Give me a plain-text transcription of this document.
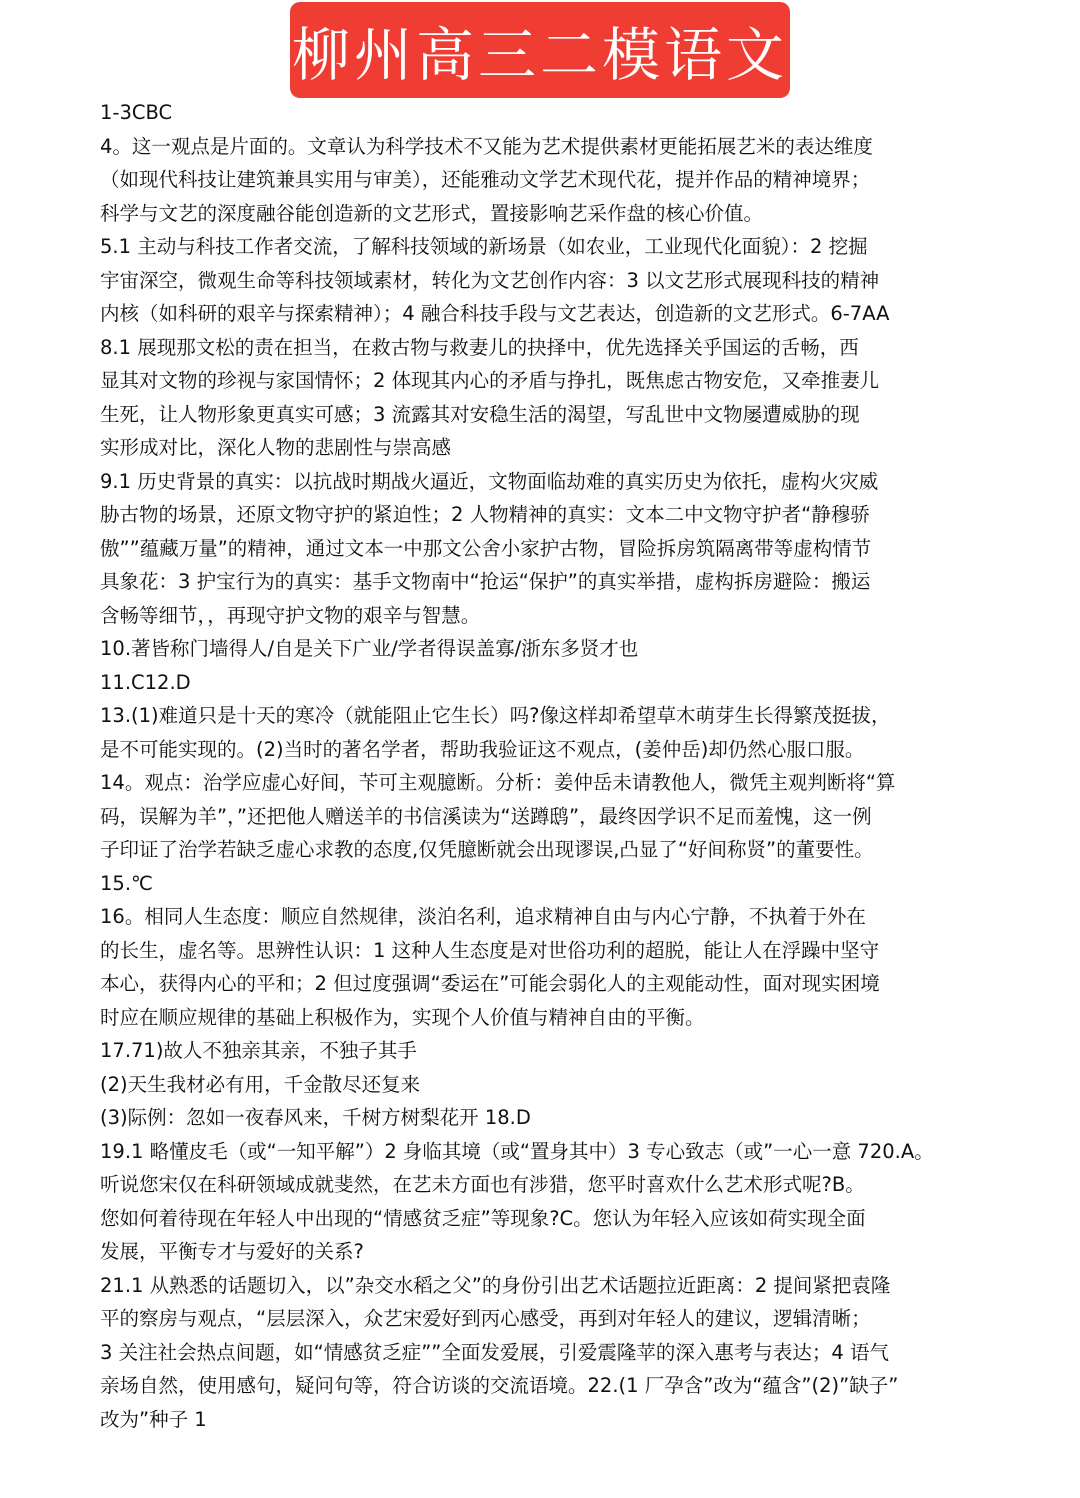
柳州高三二模语文
1-3CBC
4。这一观点是片面的。文章认为科学技术不又能为艺术提供素材更能拓展艺米的表达维度
（如现代科技让建筑兼具实用与审美），还能雅动文学艺术现代花，提并作品的精神境界；
科学与文艺的深度融谷能创造新的文艺形式，置接影响艺采作盘的核心价值。
5.1 主动与科技工作者交流，了解科技领域的新场景（如农业，工业现代化面貌）：2 挖掘
宇宙深空，微观生命等科技领域素材，转化为文艺创作内容：3 以文艺形式展现科技的精神
内核（如科研的艰辛与探索精神）；4 融合科技手段与文艺表达，创造新的文艺形式。6-7AA
8.1 展现那文松的责在担当，在救古物与救妻儿的抉择中，优先选择关乎国运的舌畅，西
显其对文物的珍视与家国情怀；2 体现其内心的矛盾与挣扎，既焦虑古物安危，又牵推妻儿
生死，让人物形象更真实可感；3 流露其对安稳生活的渴望，写乱世中文物屡遭威胁的现
实形成对比，深化人物的悲剧性与崇高感
9.1 历史背景的真实：以抗战时期战火逼近，文物面临劫难的真实历史为依托，虚构火灾威
胁古物的场景，还原文物守护的紧迫性；2 人物精神的真实：文本二中文物守护者“静穆骄
傲””蕴藏万量”的精神，通过文本一中那文公舍小家护古物，冒险拆房筑隔离带等虚构情节
具象花：3 护宝行为的真实：基手文物南中“抢运“保护”的真实举措，虚构拆房避险：搬运
含畅等细节，，再现守护文物的艰辛与智慧。
10.著皆称门墙得人/自是关下广业/学者得误盖寡/浙东多贤才也
11.C12.D
13.(1)难道只是十天的寒冷（就能阻止它生长）吗?像这样却希望草木萌芽生长得繁茂挺拔，
是不可能实现的。(2)当时的著名学者，帮助我验证这不观点，(姜仲岳)却仍然心服口服。
14。观点：治学应虚心好间，苄可主观臆断。分析：姜仲岳未请教他人，微凭主观判断将“算
码，误解为羊”，”还把他人赠送羊的书信溪读为“送蹲鸱”，最终因学识不足而羞愧，这一例
子印证了治学若缺乏虚心求教的态度,仅凭臆断就会出现谬误,凸显了“好间称贤”的董要性。
15.℃
16。相同人生态度：顺应自然规律，淡泊名利，追求精神自由与内心宁静，不执着于外在
的长生，虚名等。思辨性认识：1 这种人生态度是对世俗功利的超脱，能让人在浮躁中坚守
本心，获得内心的平和；2 但过度强调“委运在”可能会弱化人的主观能动性，面对现实困境
时应在顺应规律的基础上积极作为，实现个人价值与精神自由的平衡。
17.71)故人不独亲其亲，不独子其手
(2)天生我材必有用，千金散尽还复来
(3)际例：忽如一夜春风来，千树方树梨花开 18.D
19.1 略懂皮毛（或“一知平解”）2 身临其境（或“置身其中）3 专心致志（或”一心一意 720.A。
听说您宋仅在科研领域成就斐然，在艺未方面也有涉猎，您平时喜欢什么艺术形式呢?B。
您如何着待现在年轻人中出现的“情感贫乏症”等现象?C。您认为年轻入应该如荷实现全面
发展，平衡专才与爱好的关系?
21.1 从熟悉的话题切入，以”杂交水稻之父”的身份引出艺术话题拉近距离：2 提间紧把袁隆
平的察房与观点，“层层深入，众艺宋爱好到丙心感受，再到对年轻人的建议，逻辑清晰；
3 关注社会热点间题，如“情感贫乏症””全面发爱展，引爱震隆苹的深入惠考与表达；4 语气
亲场自然，使用感句，疑问句等，符合访谈的交流语境。22.(1 厂孕含”改为“蕴含”(2)”缺子”
改为”种子 1
